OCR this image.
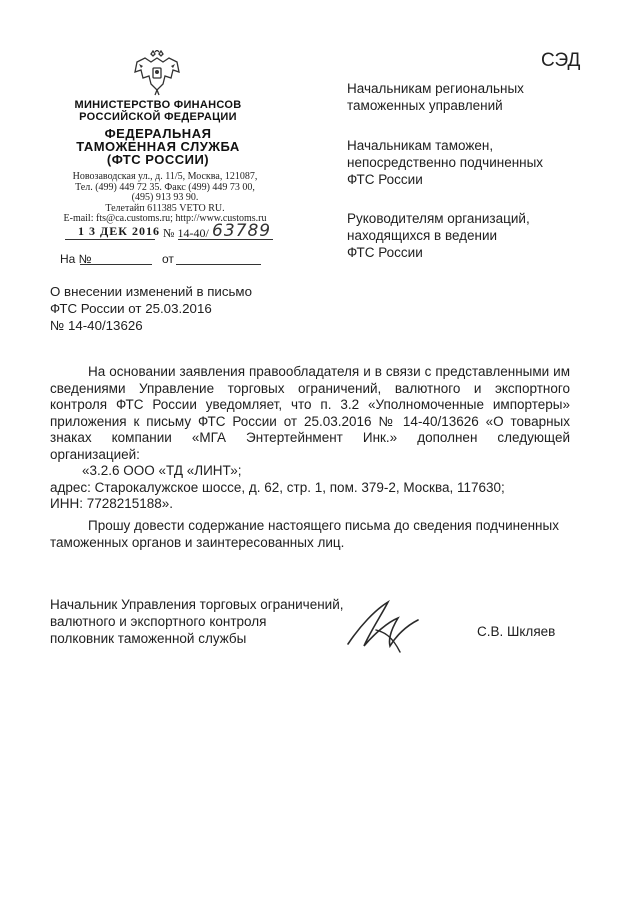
СЭД
МИНИСТЕРСТВО ФИНАНСОВ
РОССИЙСКОЙ ФЕДЕРАЦИИ
ФЕДЕРАЛЬНАЯ
ТАМОЖЕННАЯ СЛУЖБА
(ФТС РОССИИ)
Новозаводская ул., д. 11/5, Москва, 121087,
Тел. (499) 449 72 35. Факс (499) 449 73 00,
(495) 913 93 90.
Телетайп 611385 VETO RU.
E-mail: fts@ca.customs.ru; http://www.customs.ru
1 3 ДЕК 2016 № 14-40/ 63789
На №	от
О внесении изменений в письмо
ФТС России от 25.03.2016
№ 14-40/13626
Начальникам региональных
таможенных управлений
Начальникам таможен,
непосредственно подчиненных
ФТС России
Руководителям организаций,
находящихся в ведении
ФТС России
На основании заявления правообладателя и в связи с представленными им
сведениями Управление торговых ограничений, валютного и экспортного
контроля ФТС России уведомляет, что п. 3.2 «Уполномоченные импортеры»
приложения к письму ФТС России от 25.03.2016 № 14-40/13626 «О товарных
знаках компании «МГА Энтертейнмент Инк.» дополнен следующей
организацией:
«3.2.6 ООО «ТД «ЛИНТ»;
адрес: Старокалужское шоссе, д. 62, стр. 1, пом. 379-2, Москва, 117630;
ИНН: 7728215188».
Прошу довести содержание настоящего письма до сведения подчиненных
таможенных органов и заинтересованных лиц.
Начальник Управления торговых ограничений,
валютного и экспортного контроля
полковник таможенной службы	С.В. Шкляев
